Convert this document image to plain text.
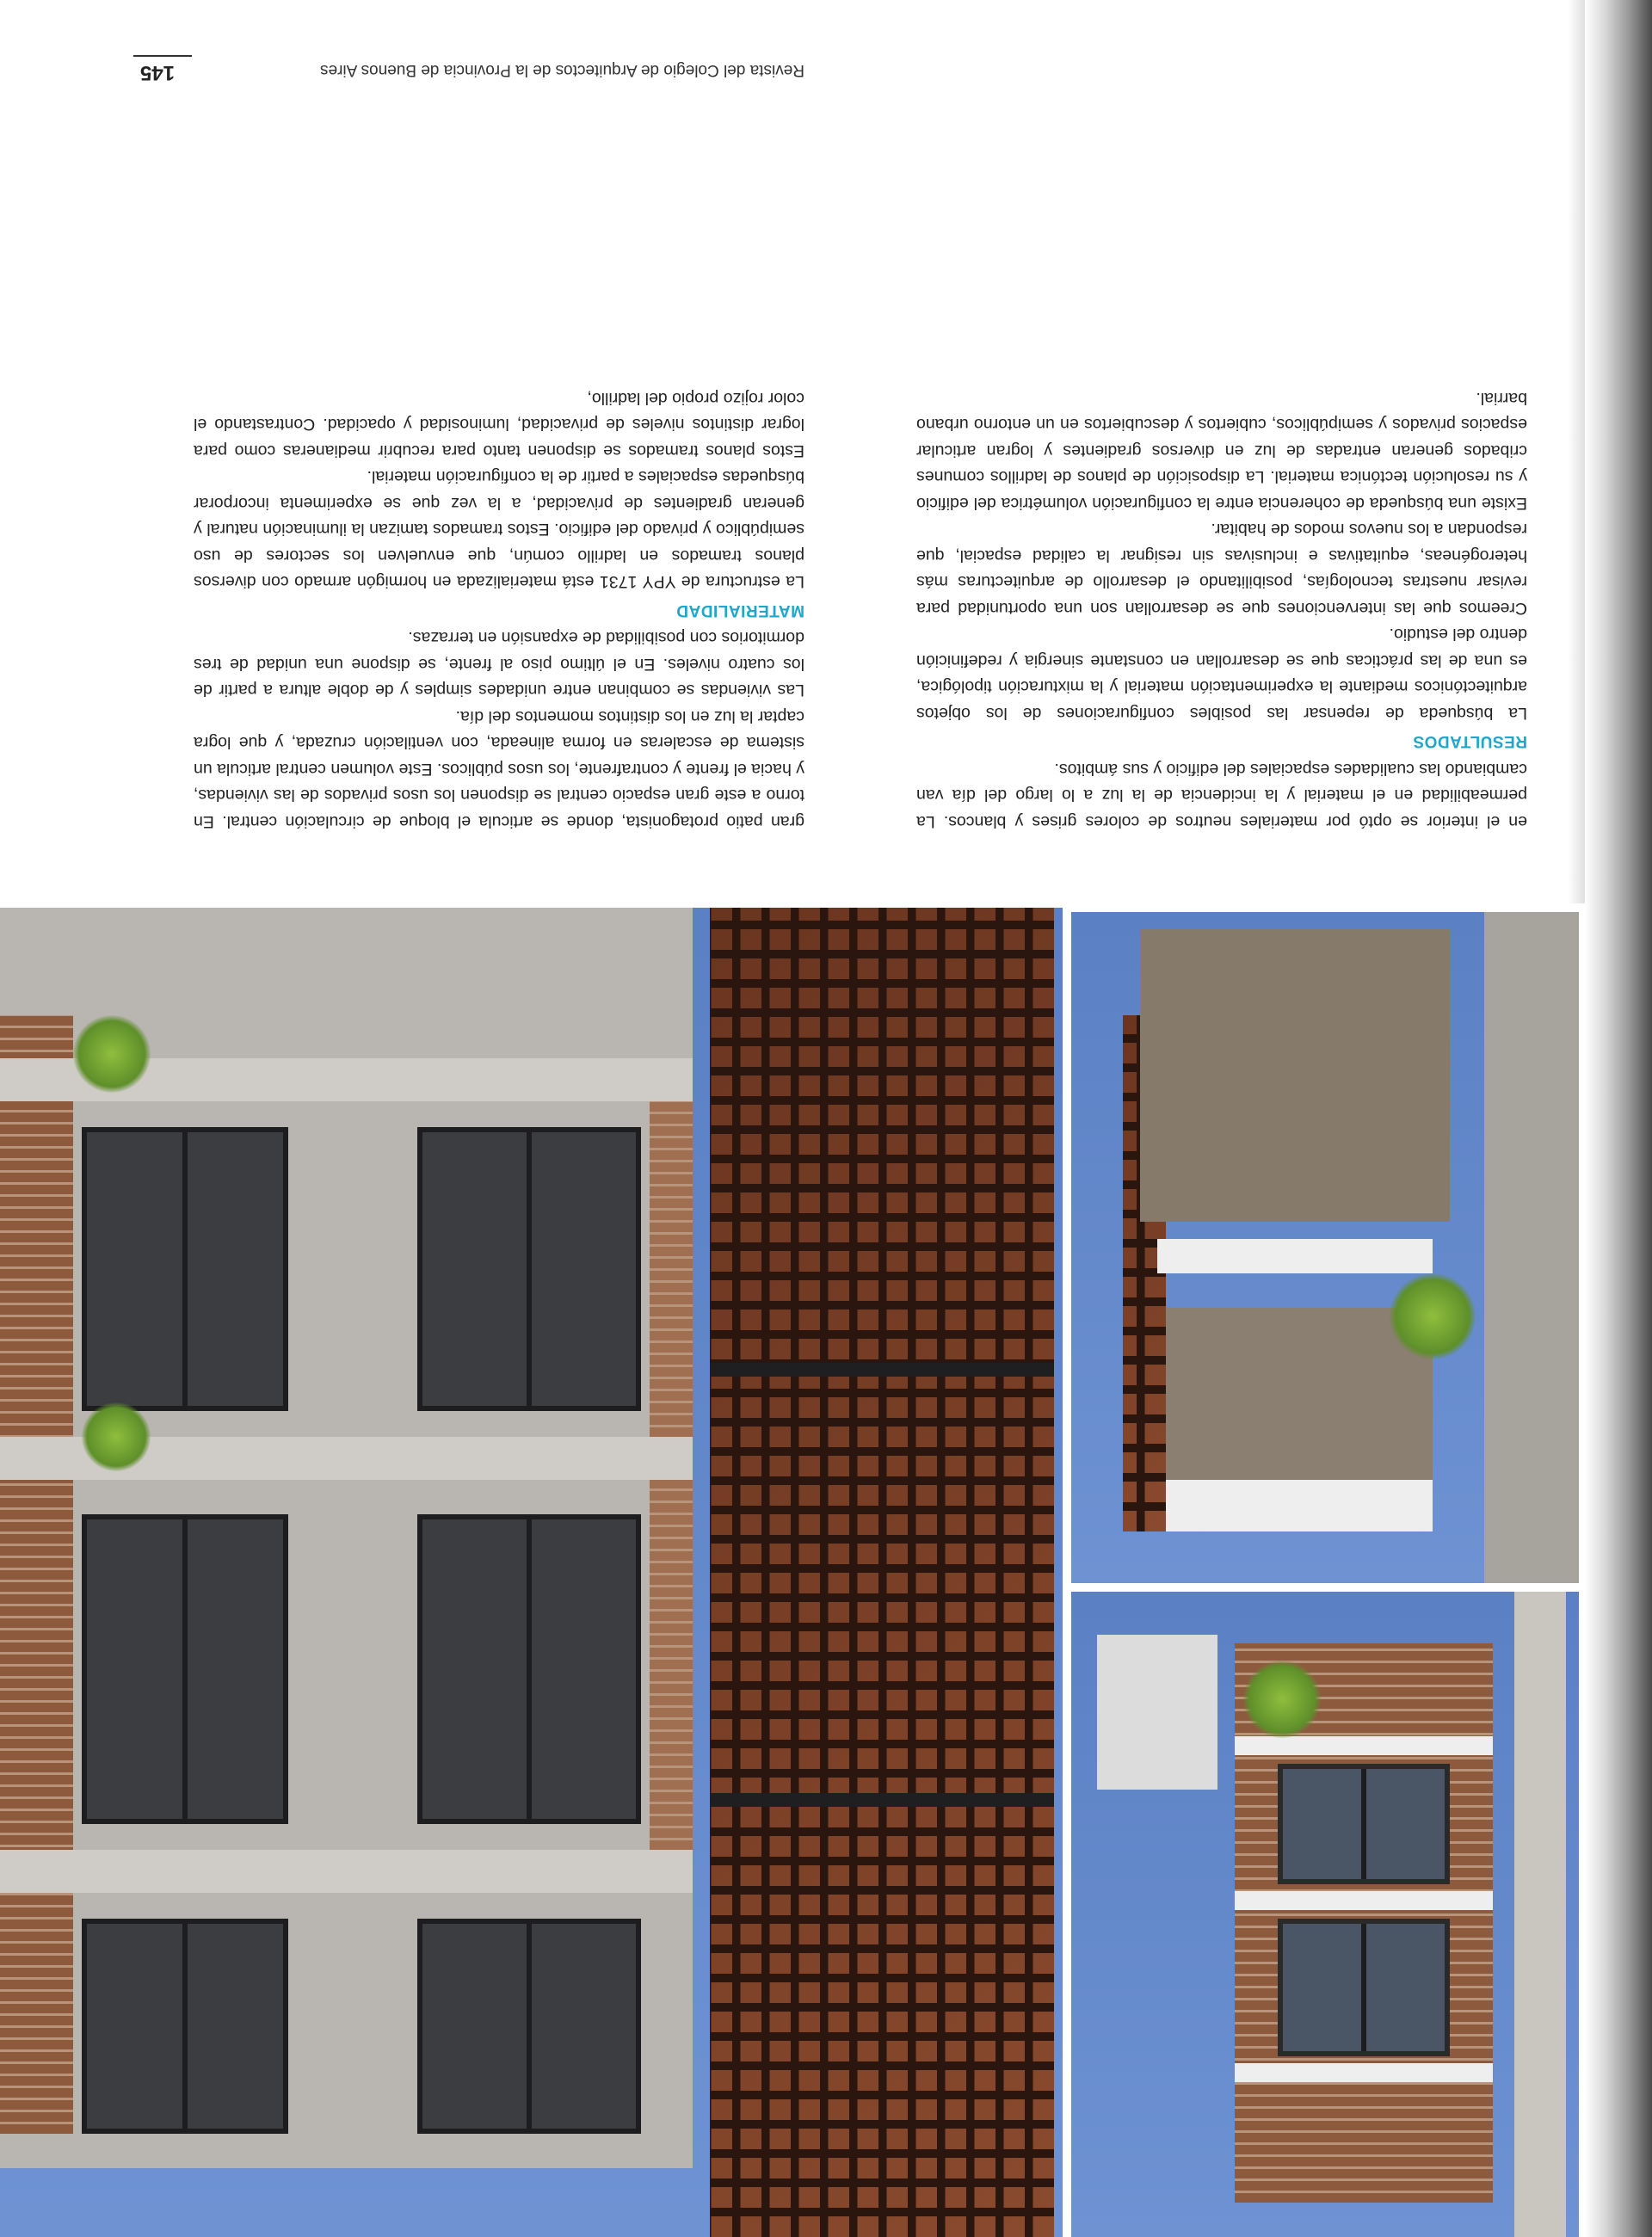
en el interior se optó por materiales neutros de colores grises y blancos. La permeabilidad en el material y la incidencia de la luz a lo largo del día van cambiando las cualidades espaciales del edificio y sus ámbitos.

RESULTADOS

La búsqueda de repensar las posibles configuraciones de los objetos arquitectónicos mediante la experimentación material y la mixturación tipológica, es una de las prácticas que se desarrollan en constante sinergia y redefinición dentro del estudio.

Creemos que las intervenciones que se desarrollan son una oportunidad para revisar nuestras tecnologías, posibilitando el desarrollo de arquitecturas más heterogéneas, equitativas e inclusivas sin resignar la calidad espacial, que respondan a los nuevos modos de habitar.

Existe una búsqueda de coherencia entre la configuración volumétrica del edificio y su resolución tectónica material. La disposición de planos de ladrillos comunes cribados generan entradas de luz en diversos gradientes y logran articular espacios privados y semipúblicos, cubiertos y descubiertos en un entorno urbano barrial.

gran patio protagonista, donde se articula el bloque de circulación central. En torno a este gran espacio central se disponen los usos privados de las viviendas, y hacia el frente y contrafrente, los usos públicos. Este volumen central articula un sistema de escaleras en forma alineada, con ventilación cruzada, y que logra captar la luz en los distintos momentos del día.

Las viviendas se combinan entre unidades simples y de doble altura a partir de los cuatro niveles. En el último piso al frente, se dispone una unidad de tres dormitorios con posibilidad de expansión en terrazas.

MATERIALIDAD

La estructura de YPY 1731 está materializada en hormigón armado con diversos planos tramados en ladrillo común, que envuelven los sectores de uso semipúblico y privado del edificio. Estos tramados tamizan la iluminación natural y generan gradientes de privacidad, a la vez que se experimenta incorporar búsquedas espaciales a partir de la configuración material.

Estos planos tramados se disponen tanto para recubrir medianeras como para lograr distintos niveles de privacidad, luminosidad y opacidad. Contrastando el color rojizo propio del ladrillo,

Revista del Colegio de Arquitectos de la Provincia de Buenos Aires
145
